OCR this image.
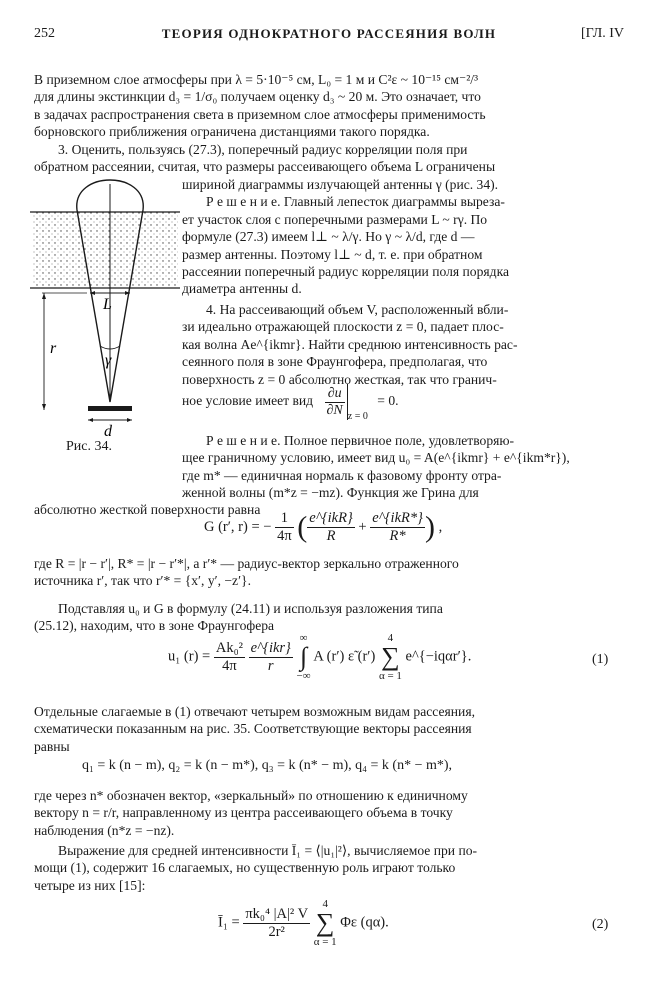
252	ТЕОРИЯ ОДНОКРАТНОГО РАССЕЯНИЯ ВОЛН	[ГЛ. IV
В приземном слое атмосферы при λ = 5·10⁻⁵ см, L₀ = 1 м и C²ε ~ 10⁻¹⁵ см⁻²/³
для длины экстинкции d₃ = 1/σ₀ получаем оценку d₃ ~ 20 м. Это означает, что
в задачах распространения света в приземном слое атмосферы применимость
борновского приближения ограничена дистанциями такого порядка.
3. Оценить, пользуясь (27.3), поперечный радиус корреляции поля при
обратном рассеянии, считая, что размеры рассеивающего объема L ограничены
шириной диаграммы излучающей антенны γ (рис. 34).
Р е ш е н и е. Главный лепесток диаграммы выреза-
ет участок слоя с поперечными размерами L ~ rγ. По
формуле (27.3) имеем l⊥ ~ λ/γ. Но γ ~ λ/d, где d —
размер антенны. Поэтому l⊥ ~ d, т. е. при обратном
рассеянии поперечный радиус корреляции поля порядка
диаметра антенны d.
4. На рассеивающий объем V, расположенный вбли-
зи идеально отражающей плоскости z = 0, падает плос-
кая волна Ae^{ikmr}. Найти среднюю интенсивность рас-
сеянного поля в зоне Фраунгофера, предполагая, что
поверхность z = 0 абсолютно жесткая, так что гранич-
ное условие имеет вид $\frac{\partial u}{\partial N}$ z = 0 = 0.
Р е ш е н и е. Полное первичное поле, удовлетворяю-
щее граничному условию, имеет вид u₀ = A(e^{ikmr} + e^{ikm*r}),
где m* — единичная нормаль к фазовому фронту отра-
женной волны (m*z = −mz). Функция же Грина для
абсолютно жесткой поверхности равна
L
γ
r
d
Рис. 34.
G (r′, r) = − $\frac{1}{4\pi}$ ( e^{ikR}
R
+
e^{ikR*}
R* ) ,
где R = |r − r′|, R* = |r − r′*|, а r′* — радиус-вектор зеркально отраженного
источника r′, так что r′* = {x′, y′, −z′}.
Подставляя u₀ и G в формулу (24.11) и используя разложения типа
(25.12), находим, что в зоне Фраунгофера
u₁ $(r) = \frac{\text{Ak₀²}}{4\pi}$
e^{ikr}
r

∞
∫
−∞
A (r′) ε̃ (r′)
4
∑
α = 1
e^{−iqαr′}.	(1)
Отдельные слагаемые в (1) отвечают четырем возможным видам рассеяния,
схематически показанным на рис. 35. Соответствующие векторы рассеяния
равны
q₁ = k (n − m), q₂ = k (n − m*), q₃ = k (n* − m), q₄ = k (n* − m*),
где через n* обозначен вектор, «зеркальный» по отношению к единичному
вектору n = r/r, направленному из центра рассеивающего объема в точку
наблюдения (n*z = −nz).
Выражение для средней интенсивности Ī₁ = ⟨|u₁|²⟩, вычисляемое при по-
мощи (1), содержит 16 слагаемых, но существенную роль играют только
четыре из них [15]:
Ī₁ = $\frac{\text{πk₀⁴ |A|² V}}{\text{2r²}}$

4
∑
α = 1
Φε (qα).	(2)
